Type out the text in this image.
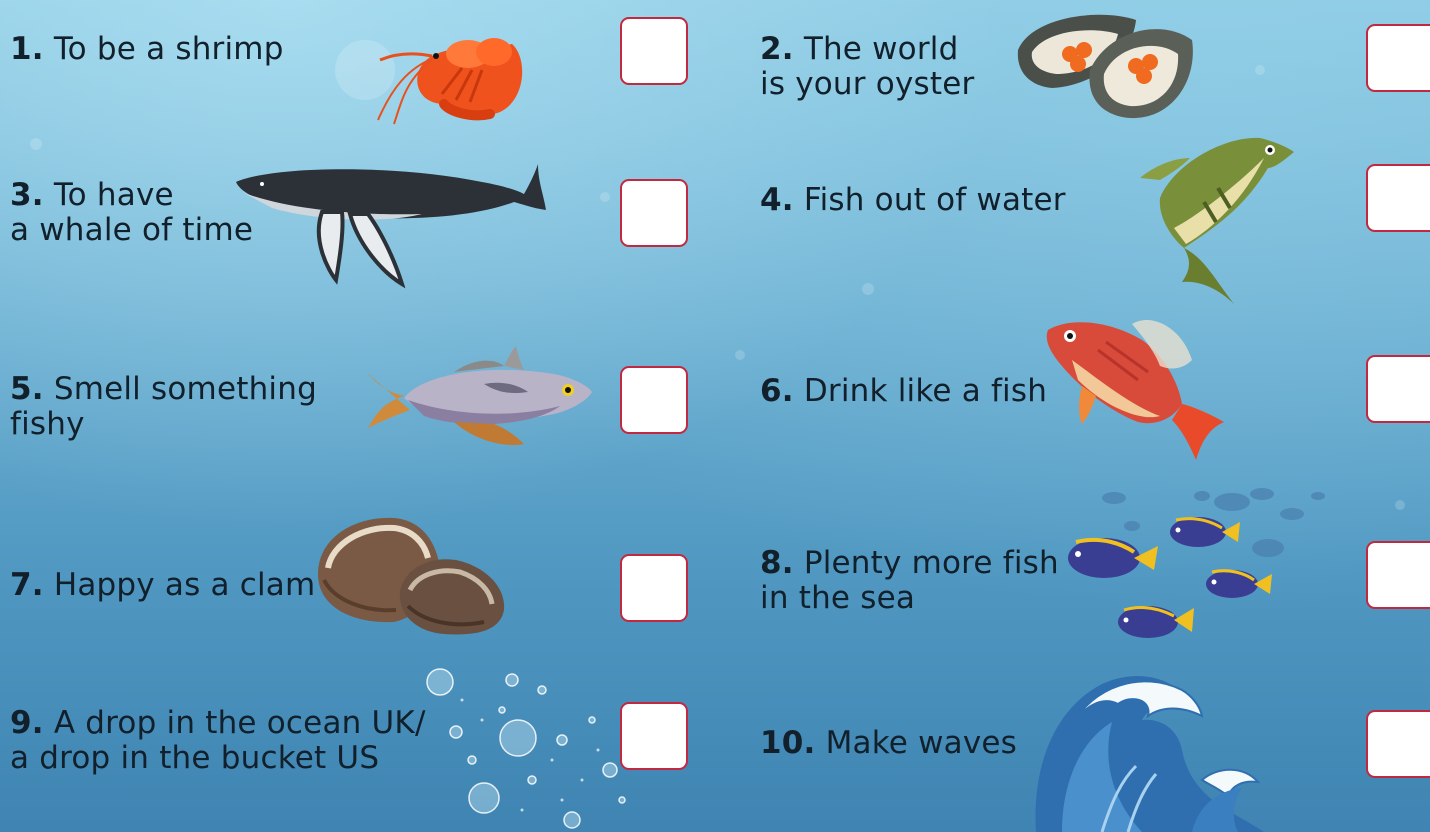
1. To be a shrimp	2. The world
is your oyster
3. To have
a whale of time
4. Fish out of water
5. Smell something
fishy
6. Drink like a fish
7. Happy as a clam
8. Plenty more fish
in the sea
9. A drop in the ocean UK/
a drop in the bucket US	10. Make waves
